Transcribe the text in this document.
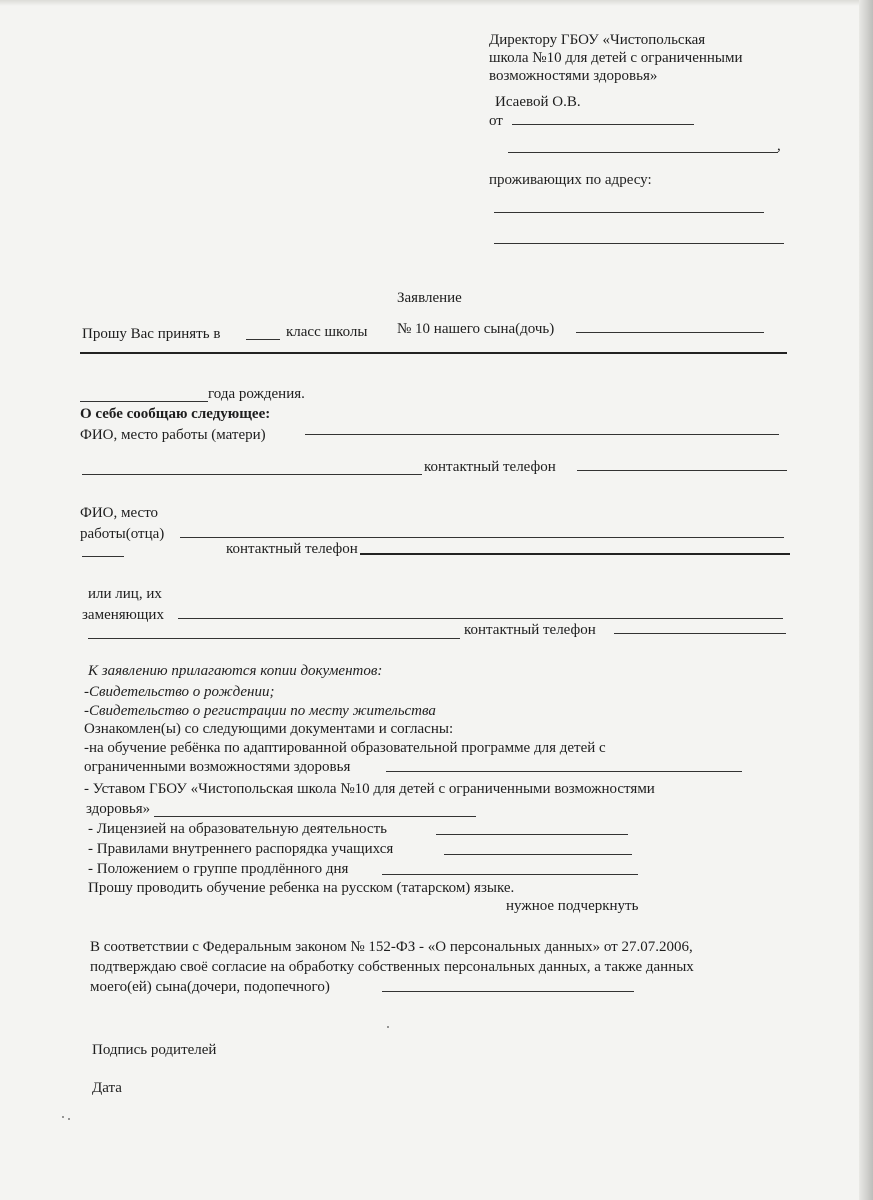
Директору ГБОУ «Чистопольская
школа №10 для детей с ограниченными
возможностями здоровья»
Исаевой О.В.
от
,
проживающих по адресу:
Заявление
Прошу Вас принять в	класс школы № 10 нашего сына(дочь)
года рождения.
О себе сообщаю следующее:
ФИО, место работы (матери)
контактный телефон
ФИО, место
работы(отца)
контактный телефон
или лиц, их
заменяющих
контактный телефон
К заявлению прилагаются копии документов:
-Свидетельство о рождении;
-Свидетельство о регистрации по месту жительства
Ознакомлен(ы) со следующими документами и согласны:
-на обучение ребёнка по адаптированной образовательной программе для детей с
ограниченными возможностями здоровья
- Уставом ГБОУ «Чистопольская школа №10 для детей с ограниченными возможностями
здоровья»
- Лицензией на образовательную деятельность
- Правилами внутреннего распорядка учащихся
- Положением о группе продлённого дня
Прошу проводить обучение ребенка на русском (татарском) языке.
нужное подчеркнуть
В соответствии с Федеральным законом № 152-ФЗ - «О персональных данных» от 27.07.2006,
подтверждаю своё согласие на обработку собственных персональных данных, а также данных
моего(ей) сына(дочери, подопечного)
Подпись родителей
Дата
